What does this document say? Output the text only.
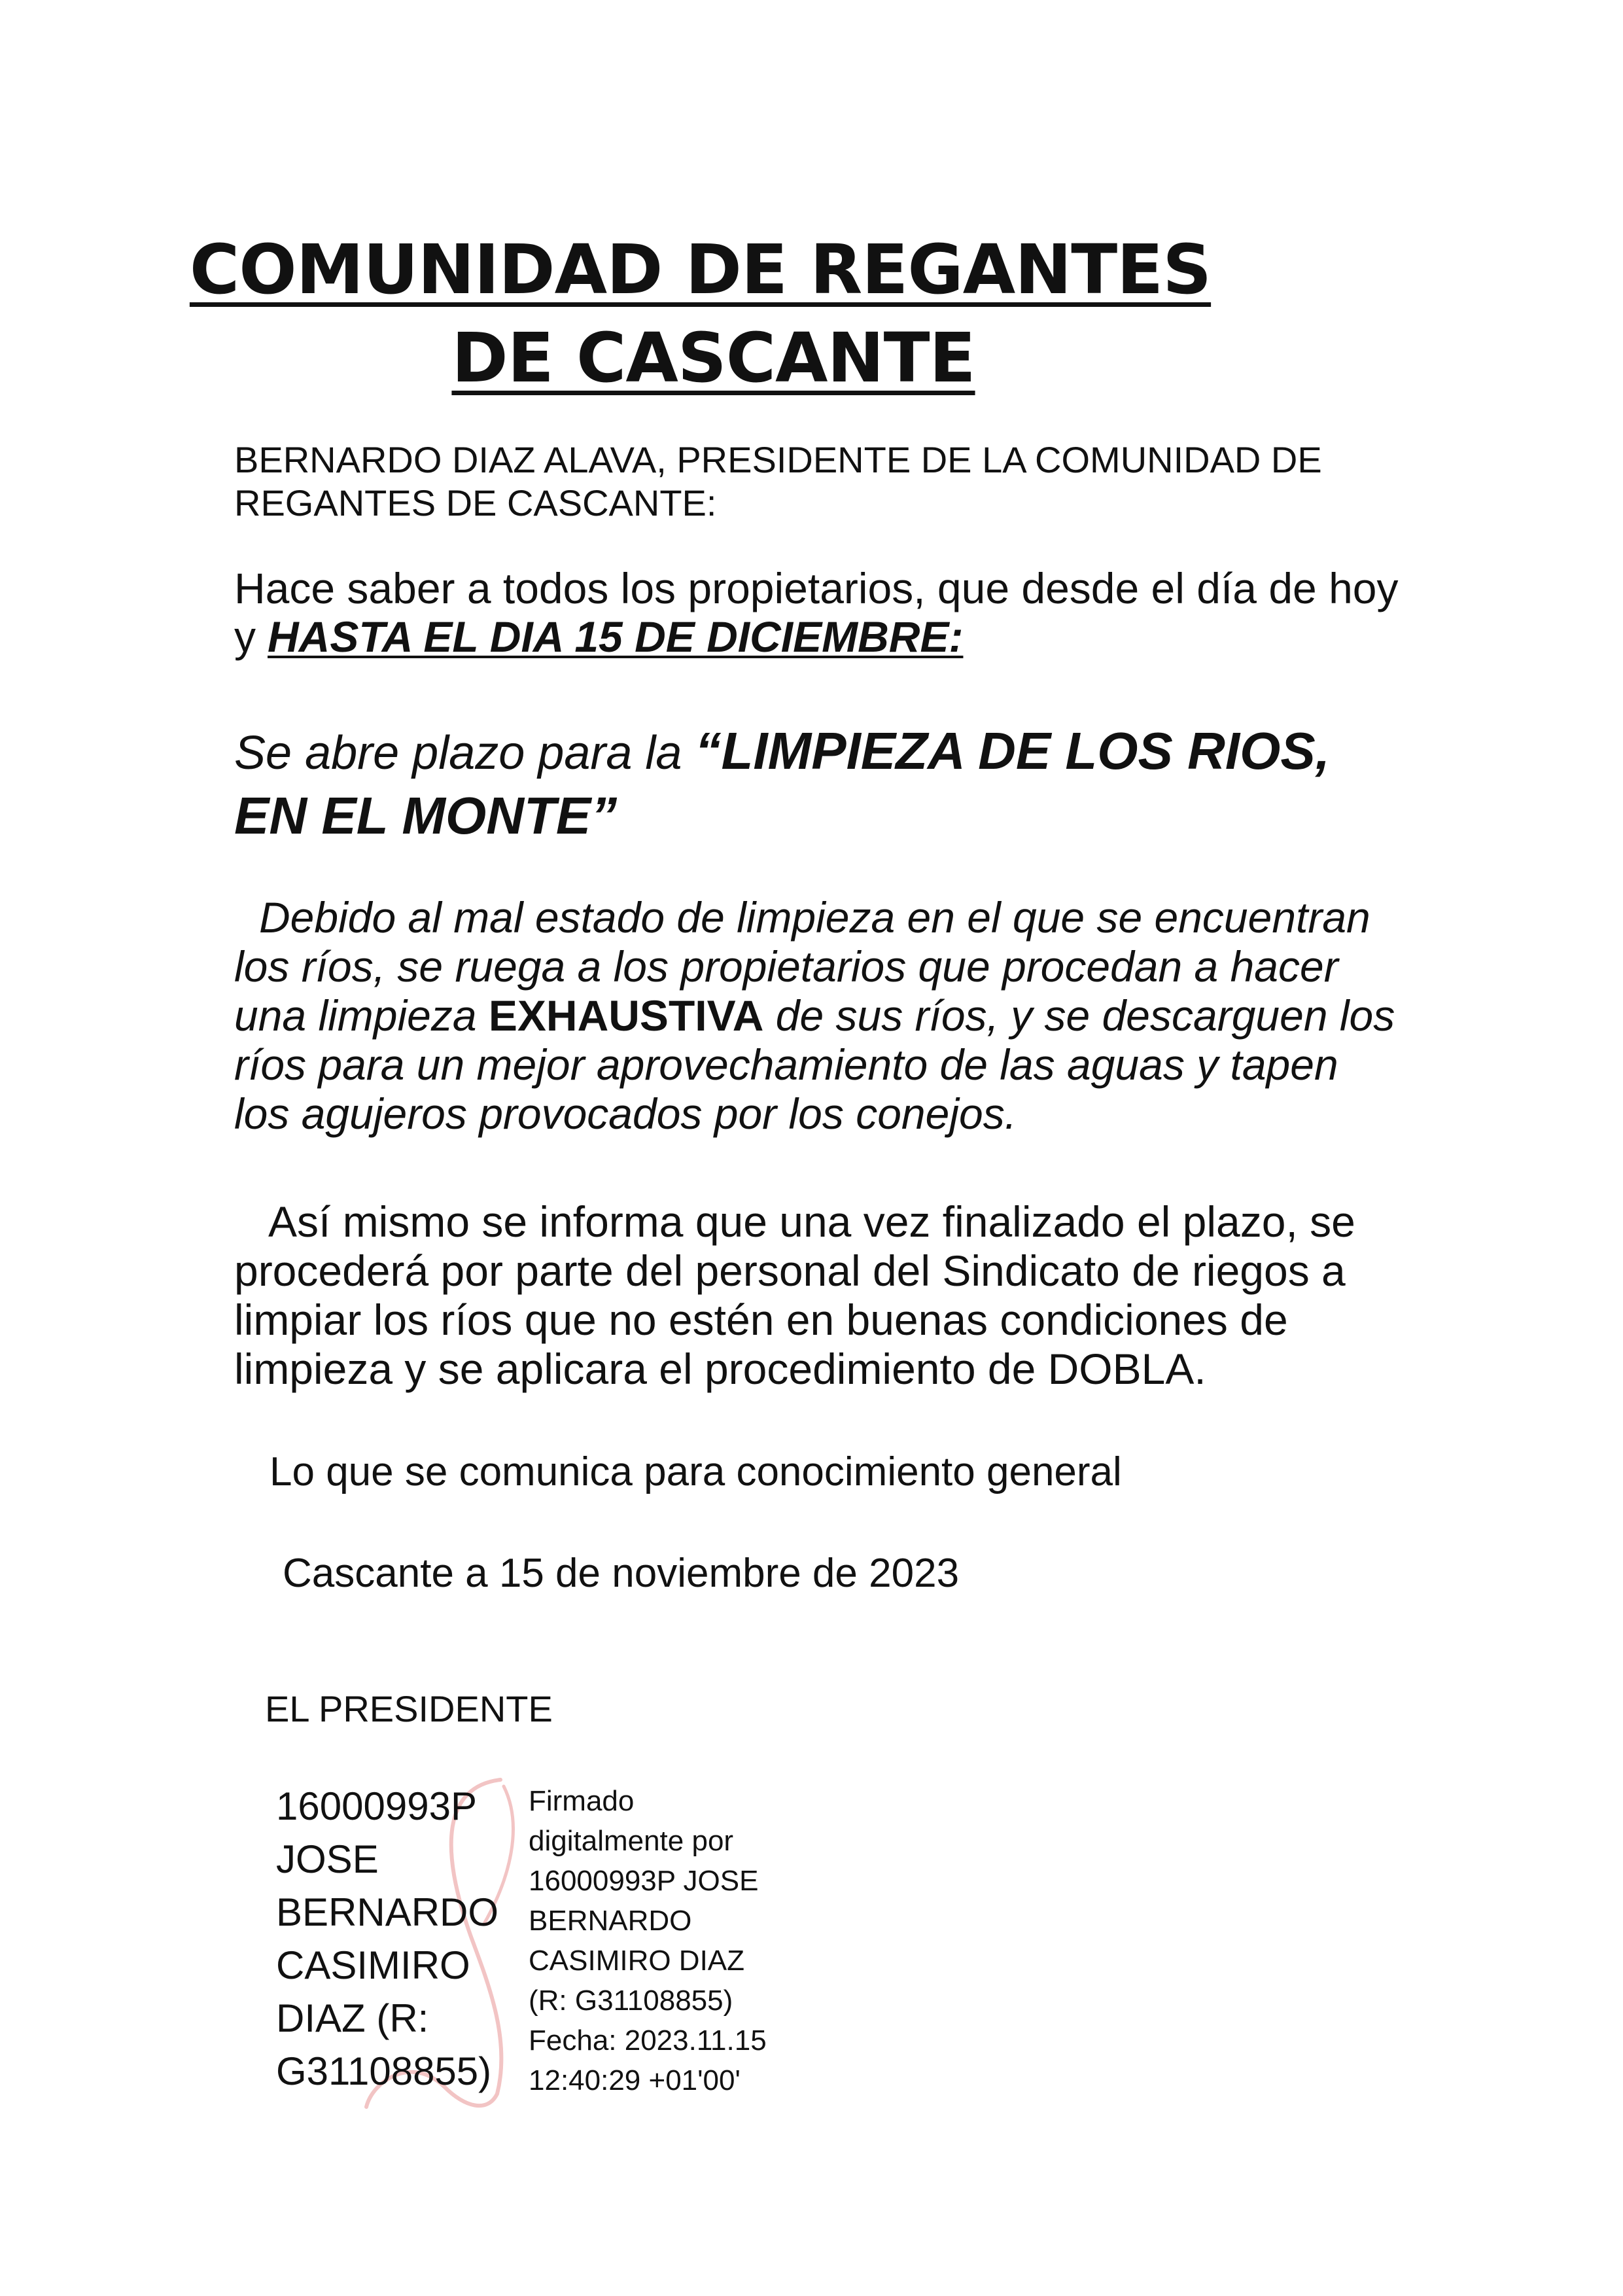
COMUNIDAD DE REGANTES
DE CASCANTE

BERNARDO DIAZ ALAVA, PRESIDENTE DE LA COMUNIDAD DE REGANTES DE CASCANTE:

Hace saber a todos los propietarios, que desde el día de hoy y HASTA EL DIA 15 DE DICIEMBRE:

Se abre plazo para la “LIMPIEZA DE LOS RIOS, EN EL MONTE”

Debido al mal estado de limpieza en el que se encuentran los ríos, se ruega a los propietarios que procedan a hacer una limpieza EXHAUSTIVA de sus ríos, y se descarguen los ríos para un mejor aprovechamiento de las aguas y tapen los agujeros provocados por los conejos.

Así mismo se informa que una vez finalizado el plazo, se procederá por parte del personal del Sindicato de riegos a limpiar los ríos que no estén en buenas condiciones de limpieza y se aplicara el procedimiento de DOBLA.

Lo que se comunica para conocimiento general

Cascante a 15 de noviembre de 2023

EL PRESIDENTE

16000993P
JOSE
BERNARDO
CASIMIRO
DIAZ (R:
G31108855)

Firmado
digitalmente por
16000993P JOSE
BERNARDO
CASIMIRO DIAZ
(R: G31108855)
Fecha: 2023.11.15
12:40:29 +01'00'
